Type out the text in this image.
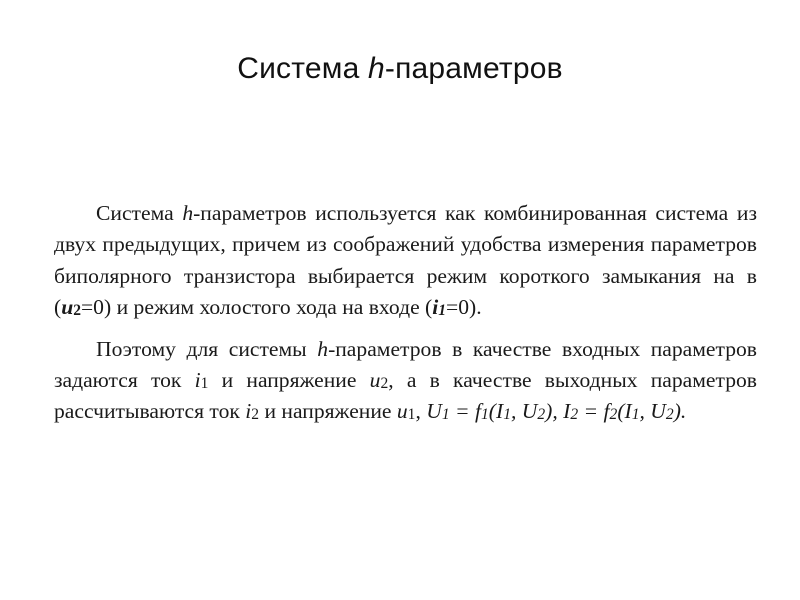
Система h-параметров

Система h-параметров используется как комбинированная система из двух предыдущих, причем из соображений удобства измерения параметров биполярного транзистора выбирается режим короткого замыкания на в $(u_2=0)$ и режим холостого хода на входе $(i_1=0)$.

Поэтому для системы h-параметров в качестве входных параметров задаются ток $i_1$ и напряжение $u_2$, а в качестве выходных параметров рассчитываются ток $i_2$ и напряжение $u_1$, $U_1 = f_1(I_1$, $U_2$), $I_2 = f_2(I_1$, $U_2$).
